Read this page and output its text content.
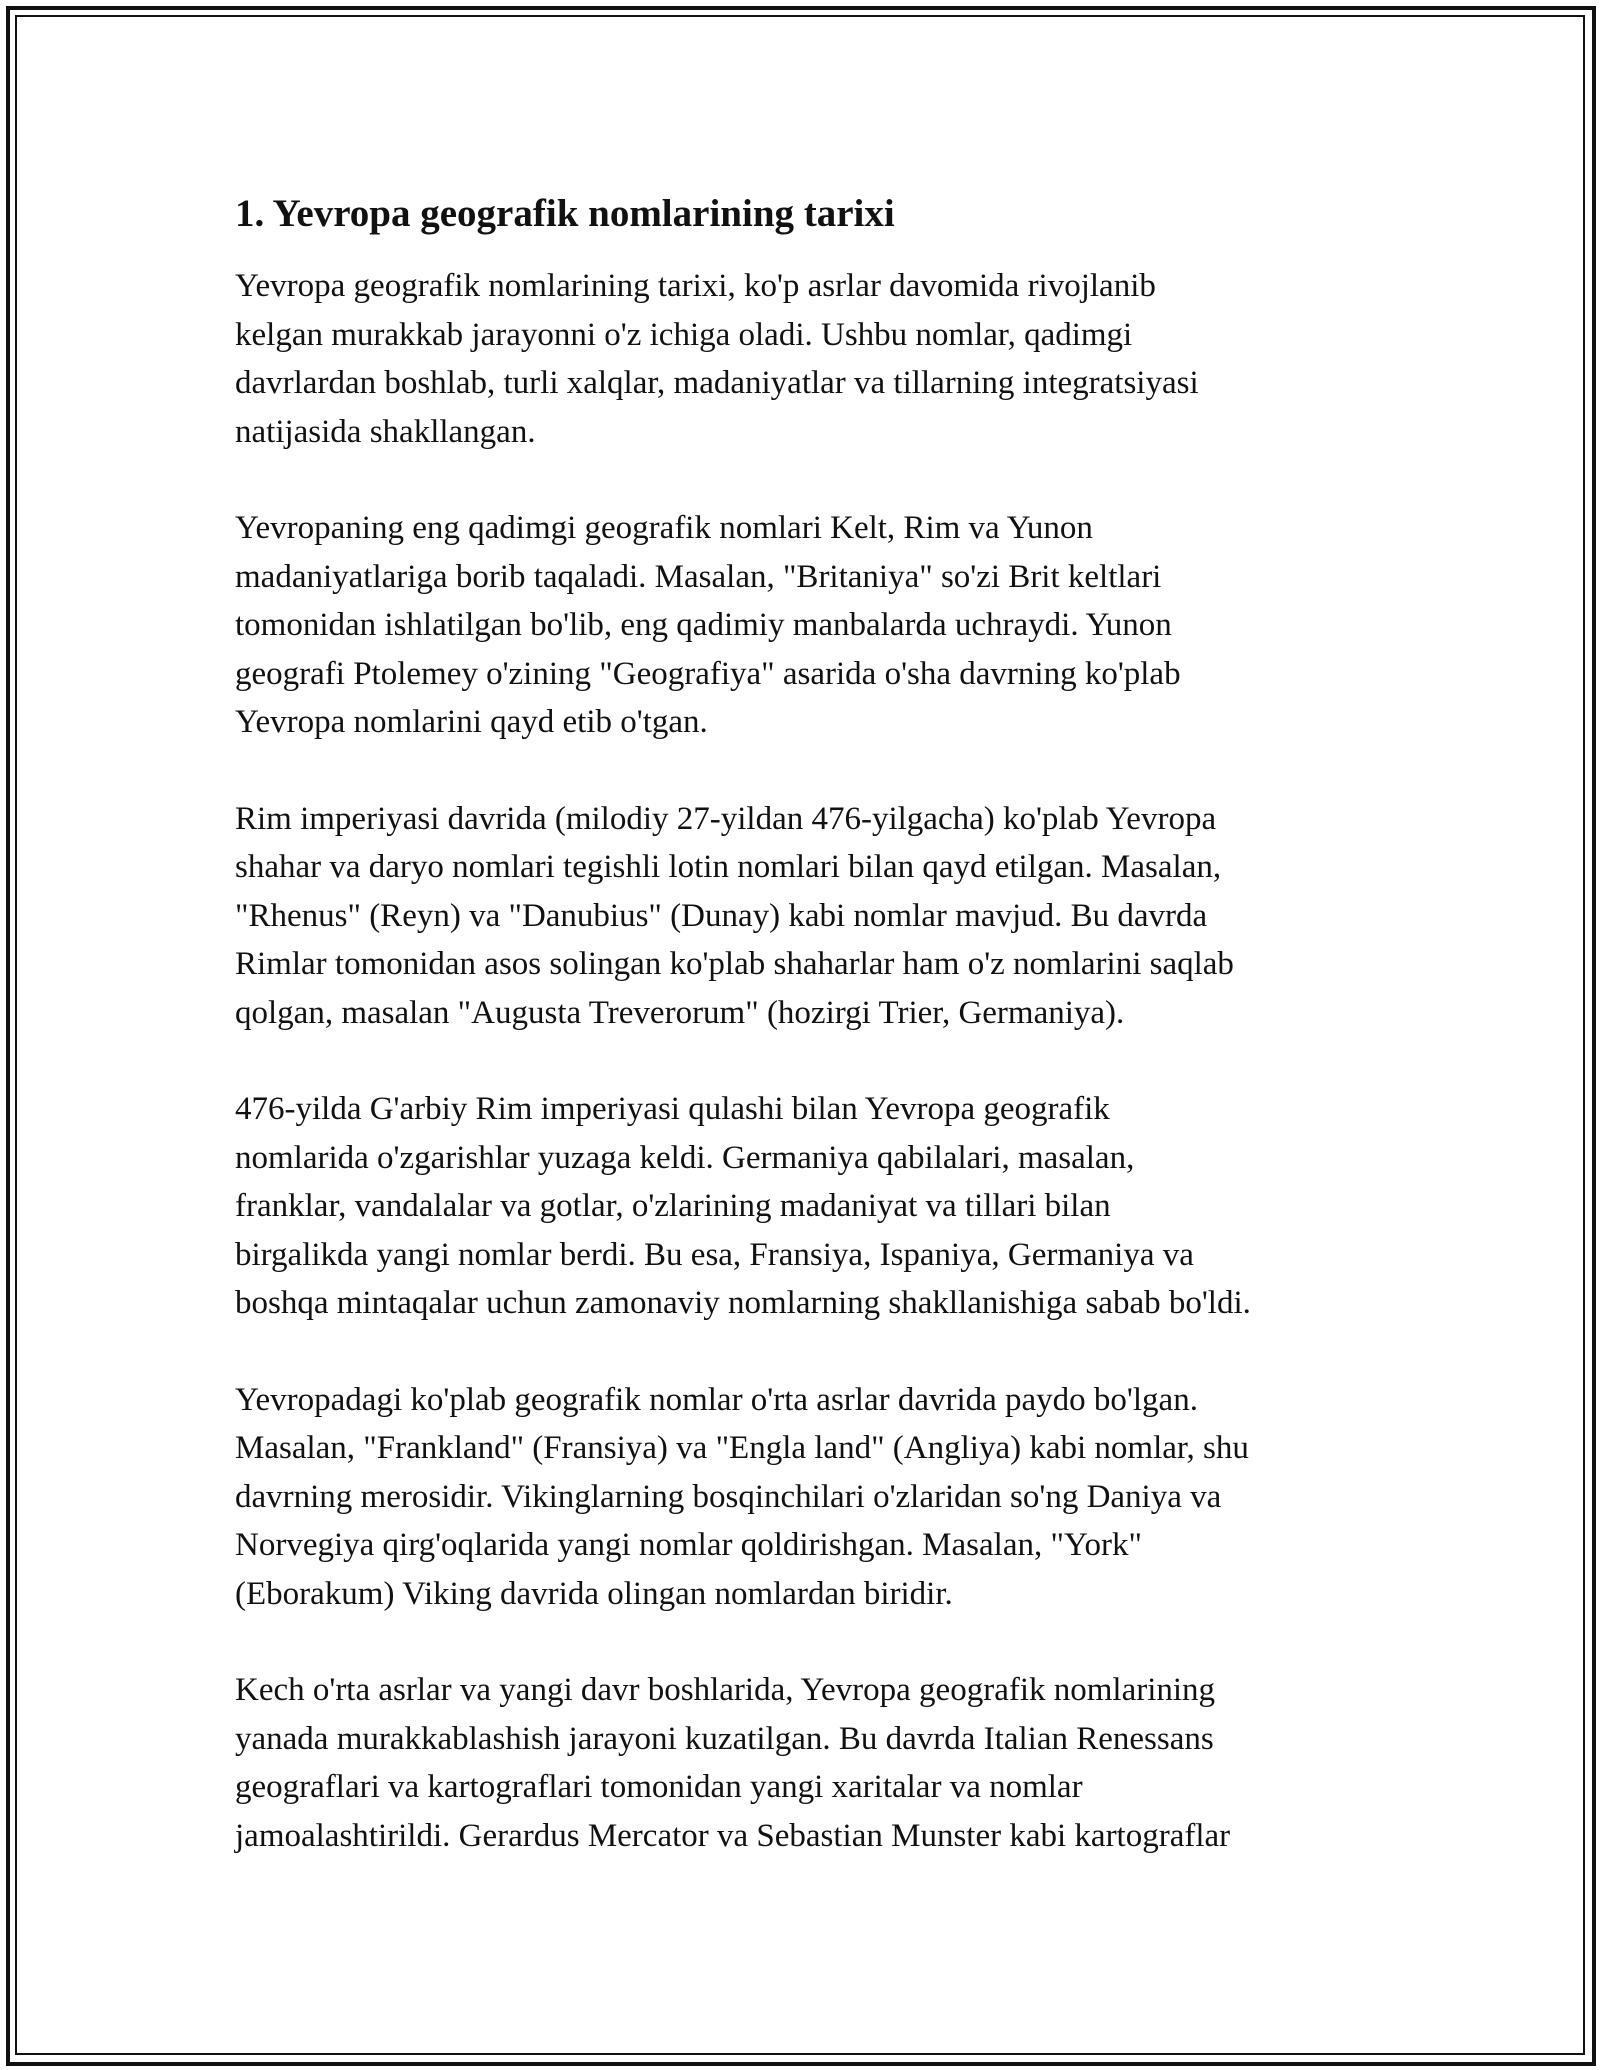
1. Yevropa geografik nomlarining tarixi

Yevropa geografik nomlarining tarixi, ko'p asrlar davomida rivojlanib
kelgan murakkab jarayonni o'z ichiga oladi. Ushbu nomlar, qadimgi
davrlardan boshlab, turli xalqlar, madaniyatlar va tillarning integratsiyasi
natijasida shakllangan.

Yevropaning eng qadimgi geografik nomlari Kelt, Rim va Yunon
madaniyatlariga borib taqaladi. Masalan, "Britaniya" so'zi Brit keltlari
tomonidan ishlatilgan bo'lib, eng qadimiy manbalarda uchraydi. Yunon
geografi Ptolemey o'zining "Geografiya" asarida o'sha davrning ko'plab
Yevropa nomlarini qayd etib o'tgan.

Rim imperiyasi davrida (milodiy 27-yildan 476-yilgacha) ko'plab Yevropa
shahar va daryo nomlari tegishli lotin nomlari bilan qayd etilgan. Masalan,
"Rhenus" (Reyn) va "Danubius" (Dunay) kabi nomlar mavjud. Bu davrda
Rimlar tomonidan asos solingan ko'plab shaharlar ham o'z nomlarini saqlab
qolgan, masalan "Augusta Treverorum" (hozirgi Trier, Germaniya).

476-yilda G'arbiy Rim imperiyasi qulashi bilan Yevropa geografik
nomlarida o'zgarishlar yuzaga keldi. Germaniya qabilalari, masalan,
franklar, vandalalar va gotlar, o'zlarining madaniyat va tillari bilan
birgalikda yangi nomlar berdi. Bu esa, Fransiya, Ispaniya, Germaniya va
boshqa mintaqalar uchun zamonaviy nomlarning shakllanishiga sabab bo'ldi.

Yevropadagi ko'plab geografik nomlar o'rta asrlar davrida paydo bo'lgan.
Masalan, "Frankland" (Fransiya) va "Engla land" (Angliya) kabi nomlar, shu
davrning merosidir. Vikinglarning bosqinchilari o'zlaridan so'ng Daniya va
Norvegiya qirg'oqlarida yangi nomlar qoldirishgan. Masalan, "York"
(Eborakum) Viking davrida olingan nomlardan biridir.

Kech o'rta asrlar va yangi davr boshlarida, Yevropa geografik nomlarining
yanada murakkablashish jarayoni kuzatilgan. Bu davrda Italian Renessans
geograflari va kartograflari tomonidan yangi xaritalar va nomlar
jamoalashtirildi. Gerardus Mercator va Sebastian Munster kabi kartograflar
